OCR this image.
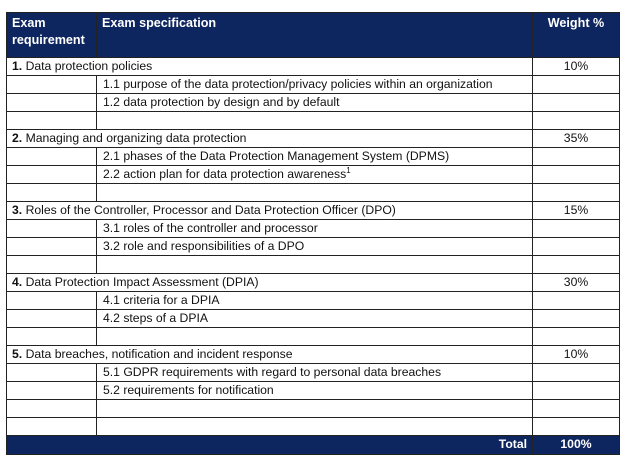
Exam requirement	Exam specification	Weight %
1. Data protection policies		10%
	1.1 purpose of the data protection/privacy policies within an organization	
	1.2 data protection by design and by default	

2. Managing and organizing data protection		35%
	2.1 phases of the Data Protection Management System (DPMS)	
	2.2 action plan for data protection awareness$^1$	

3. Roles of the Controller, Processor and Data Protection Officer (DPO)		15%
	3.1 roles of the controller and processor	
	3.2 role and responsibilities of a DPO	

4. Data Protection Impact Assessment (DPIA)		30%
	4.1 criteria for a DPIA	
	4.2 steps of a DPIA	

5. Data breaches, notification and incident response		10%
	5.1 GDPR requirements with regard to personal data breaches	
	5.2 requirements for notification	

Total		100%
